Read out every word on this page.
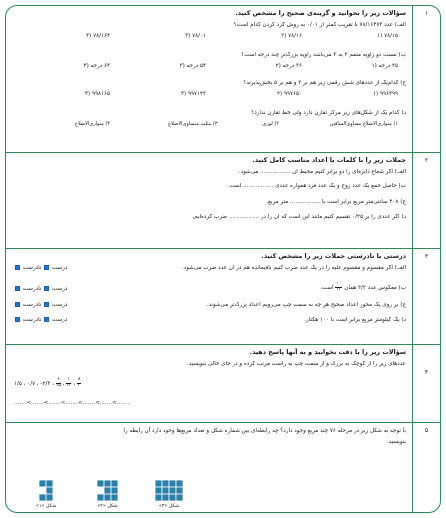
۱
سؤالات زیر را بخوانید و گزینه‌ی صحیح را مشخص کنید.
الف) عدد ۷۸/۱۶۴۷۳ با تقریب کمتر از ۰/۰۱ به روش گرد کردن کدام است؟
۷۸/۱۵ (۱
۷۸/۱۶ (۲
۷۸/۰۱ (۳
۷۸/۱۶۴ (۴
ب) نسبت دو زاویه متمم ۲ به ۳ می‌باشد زاویه بزرگ‌تر چند درجه است؟
۴۵ درجه (۱
۳۶ درجه (۲
۵۴ درجه (۳
۶۴ درجه (۴
ج) کدام‌یک از عددهای شش رقمی زیر هم بر ۳ و هم بر ۵ بخش‌پذیرند؟
۹۹۶۴۹۹ (۱
۹۹۷۶۵۰ (۲
۹۹۷۱۴۳ (۳
۹۹۸۱۶۵ (۴
د) کدام یک از شکل‌های زیر مرکز تقارن دارد ولی خط تقارن ندارد؟
۱) متوازی‌الاضلاع مساوی‌الساقین
۲) لوزی
۳) مثلث متساوی‌الاضلاع
۴) متوازی‌الاضلاع
۲
جملات زیر را با کلمات یا اعداد مناسب کامل کنید.
الف) اگر شعاع دایره‌ای را دو برابر کنیم محیط آن ................. می‌شود.
ب) حاصل جمع یک عدد زوج و یک عدد فرد همواره عددی ................. است.
ج) ۴۰۸ سانتی‌متر مربع برابر است با ................. متر مربع.
د) اگر عددی را بر ۰/۲۵ تقسیم کنیم مانند این است که آن را در ................. ضرب کرده‌ایم.
۳
درستی یا نادرستی جملات زیر را مشخص کنید.
الف) اگر مقسوم و مقسوم علیه را در یک عدد ضرب کنیم باقیمانده هم در آن عدد ضرب می‌شود.
درست  نادرست
ب) معکوس عدد ۳/۲ همان
$\frac{۱۰}{۳۲}$
است.
درست  نادرست
ج) بر روی یک محور اعداد صحیح هر چه به سمت چپ می‌رویم اعداد بزرگ‌تر می‌شوند.
درست  نادرست
د) یک کیلومتر مربع برابر است با ۱۰۰ هکتار.
درست  نادرست
۴
سؤالات زیر را با دقت بخوانید و به آنها پاسخ دهید.
عددهای زیر را از کوچک به بزرگ و از سمت چپ به راست مرتب کرده و در جای خالی بنویسید.
۱/۵ ، ۰/۷ ، -۲/۳ ، $\frac{۶}{۱۵}$ ، $\frac{۱}{۱۲}$ ، $\frac{۸}{۳}$
.......<.......<.......<.......<.......<.......<.......
۵
با توجه به شکل زیر در مرحله ۷۶ چند مربع وجود دارد؟ چه رابطه‌ای بین شماره شکل و تعداد مربع‌ها وجود دارد آن رابطه را
بنویسید.
شکل «۳»
شکل «۲»
شکل «۱»
